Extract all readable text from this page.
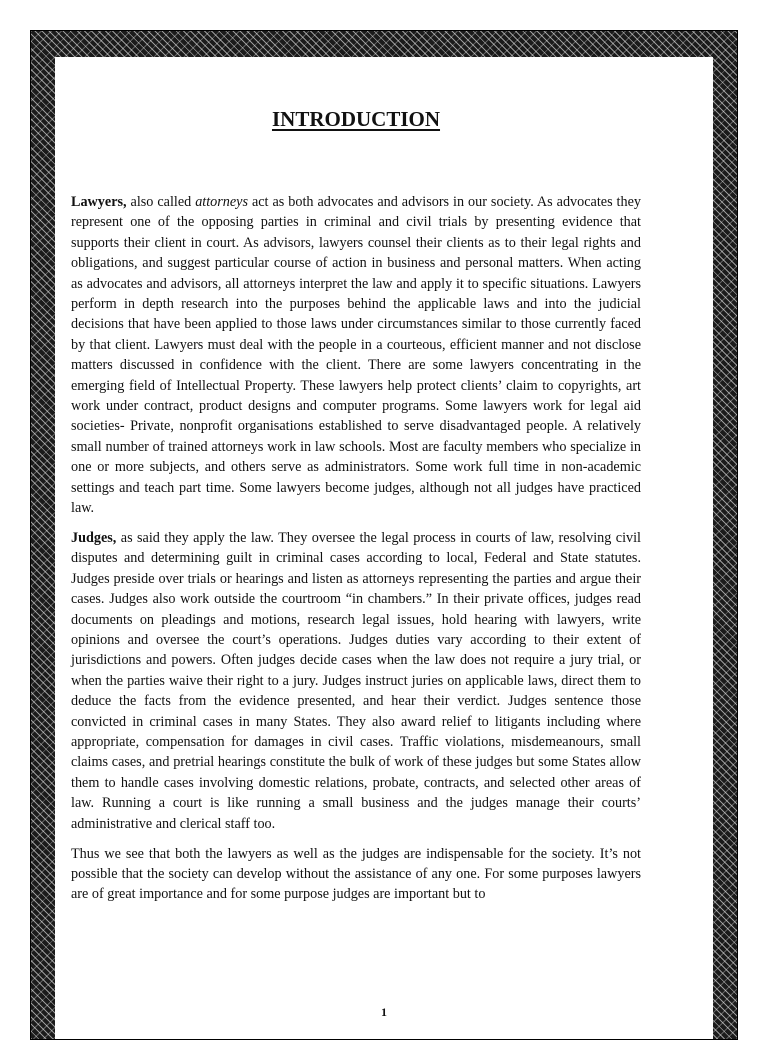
INTRODUCTION

Lawyers, also called attorneys act as both advocates and advisors in our society. As advocates they represent one of the opposing parties in criminal and civil trials by presenting evidence that supports their client in court. As advisors, lawyers counsel their clients as to their legal rights and obligations, and suggest particular course of action in business and personal matters. When acting as advocates and advisors, all attorneys interpret the law and apply it to specific situations. Lawyers perform in depth research into the purposes behind the applicable laws and into the judicial decisions that have been applied to those laws under circumstances similar to those currently faced by that client. Lawyers must deal with the people in a courteous, efficient manner and not disclose matters discussed in confidence with the client. There are some lawyers concentrating in the emerging field of Intellectual Property. These lawyers help protect clients’ claim to copyrights, art work under contract, product designs and computer programs. Some lawyers work for legal aid societies- Private, nonprofit organisations established to serve disadvantaged people. A relatively small number of trained attorneys work in law schools. Most are faculty members who specialize in one or more subjects, and others serve as administrators. Some work full time in non-academic settings and teach part time. Some lawyers become judges, although not all judges have practiced law.

Judges, as said they apply the law. They oversee the legal process in courts of law, resolving civil disputes and determining guilt in criminal cases according to local, Federal and State statutes. Judges preside over trials or hearings and listen as attorneys representing the parties and argue their cases. Judges also work outside the courtroom “in chambers.” In their private offices, judges read documents on pleadings and motions, research legal issues, hold hearing with lawyers, write opinions and oversee the court’s operations. Judges duties vary according to their extent of jurisdictions and powers. Often judges decide cases when the law does not require a jury trial, or when the parties waive their right to a jury. Judges instruct juries on applicable laws, direct them to deduce the facts from the evidence presented, and hear their verdict. Judges sentence those convicted in criminal cases in many States. They also award relief to litigants including where appropriate, compensation for damages in civil cases. Traffic violations, misdemeanours, small claims cases, and pretrial hearings constitute the bulk of work of these judges but some States allow them to handle cases involving domestic relations, probate, contracts, and selected other areas of law. Running a court is like running a small business and the judges manage their courts’ administrative and clerical staff too.

Thus we see that both the lawyers as well as the judges are indispensable for the society. It’s not possible that the society can develop without the assistance of any one. For some purposes lawyers are of great importance and for some purpose judges are important but to

1
